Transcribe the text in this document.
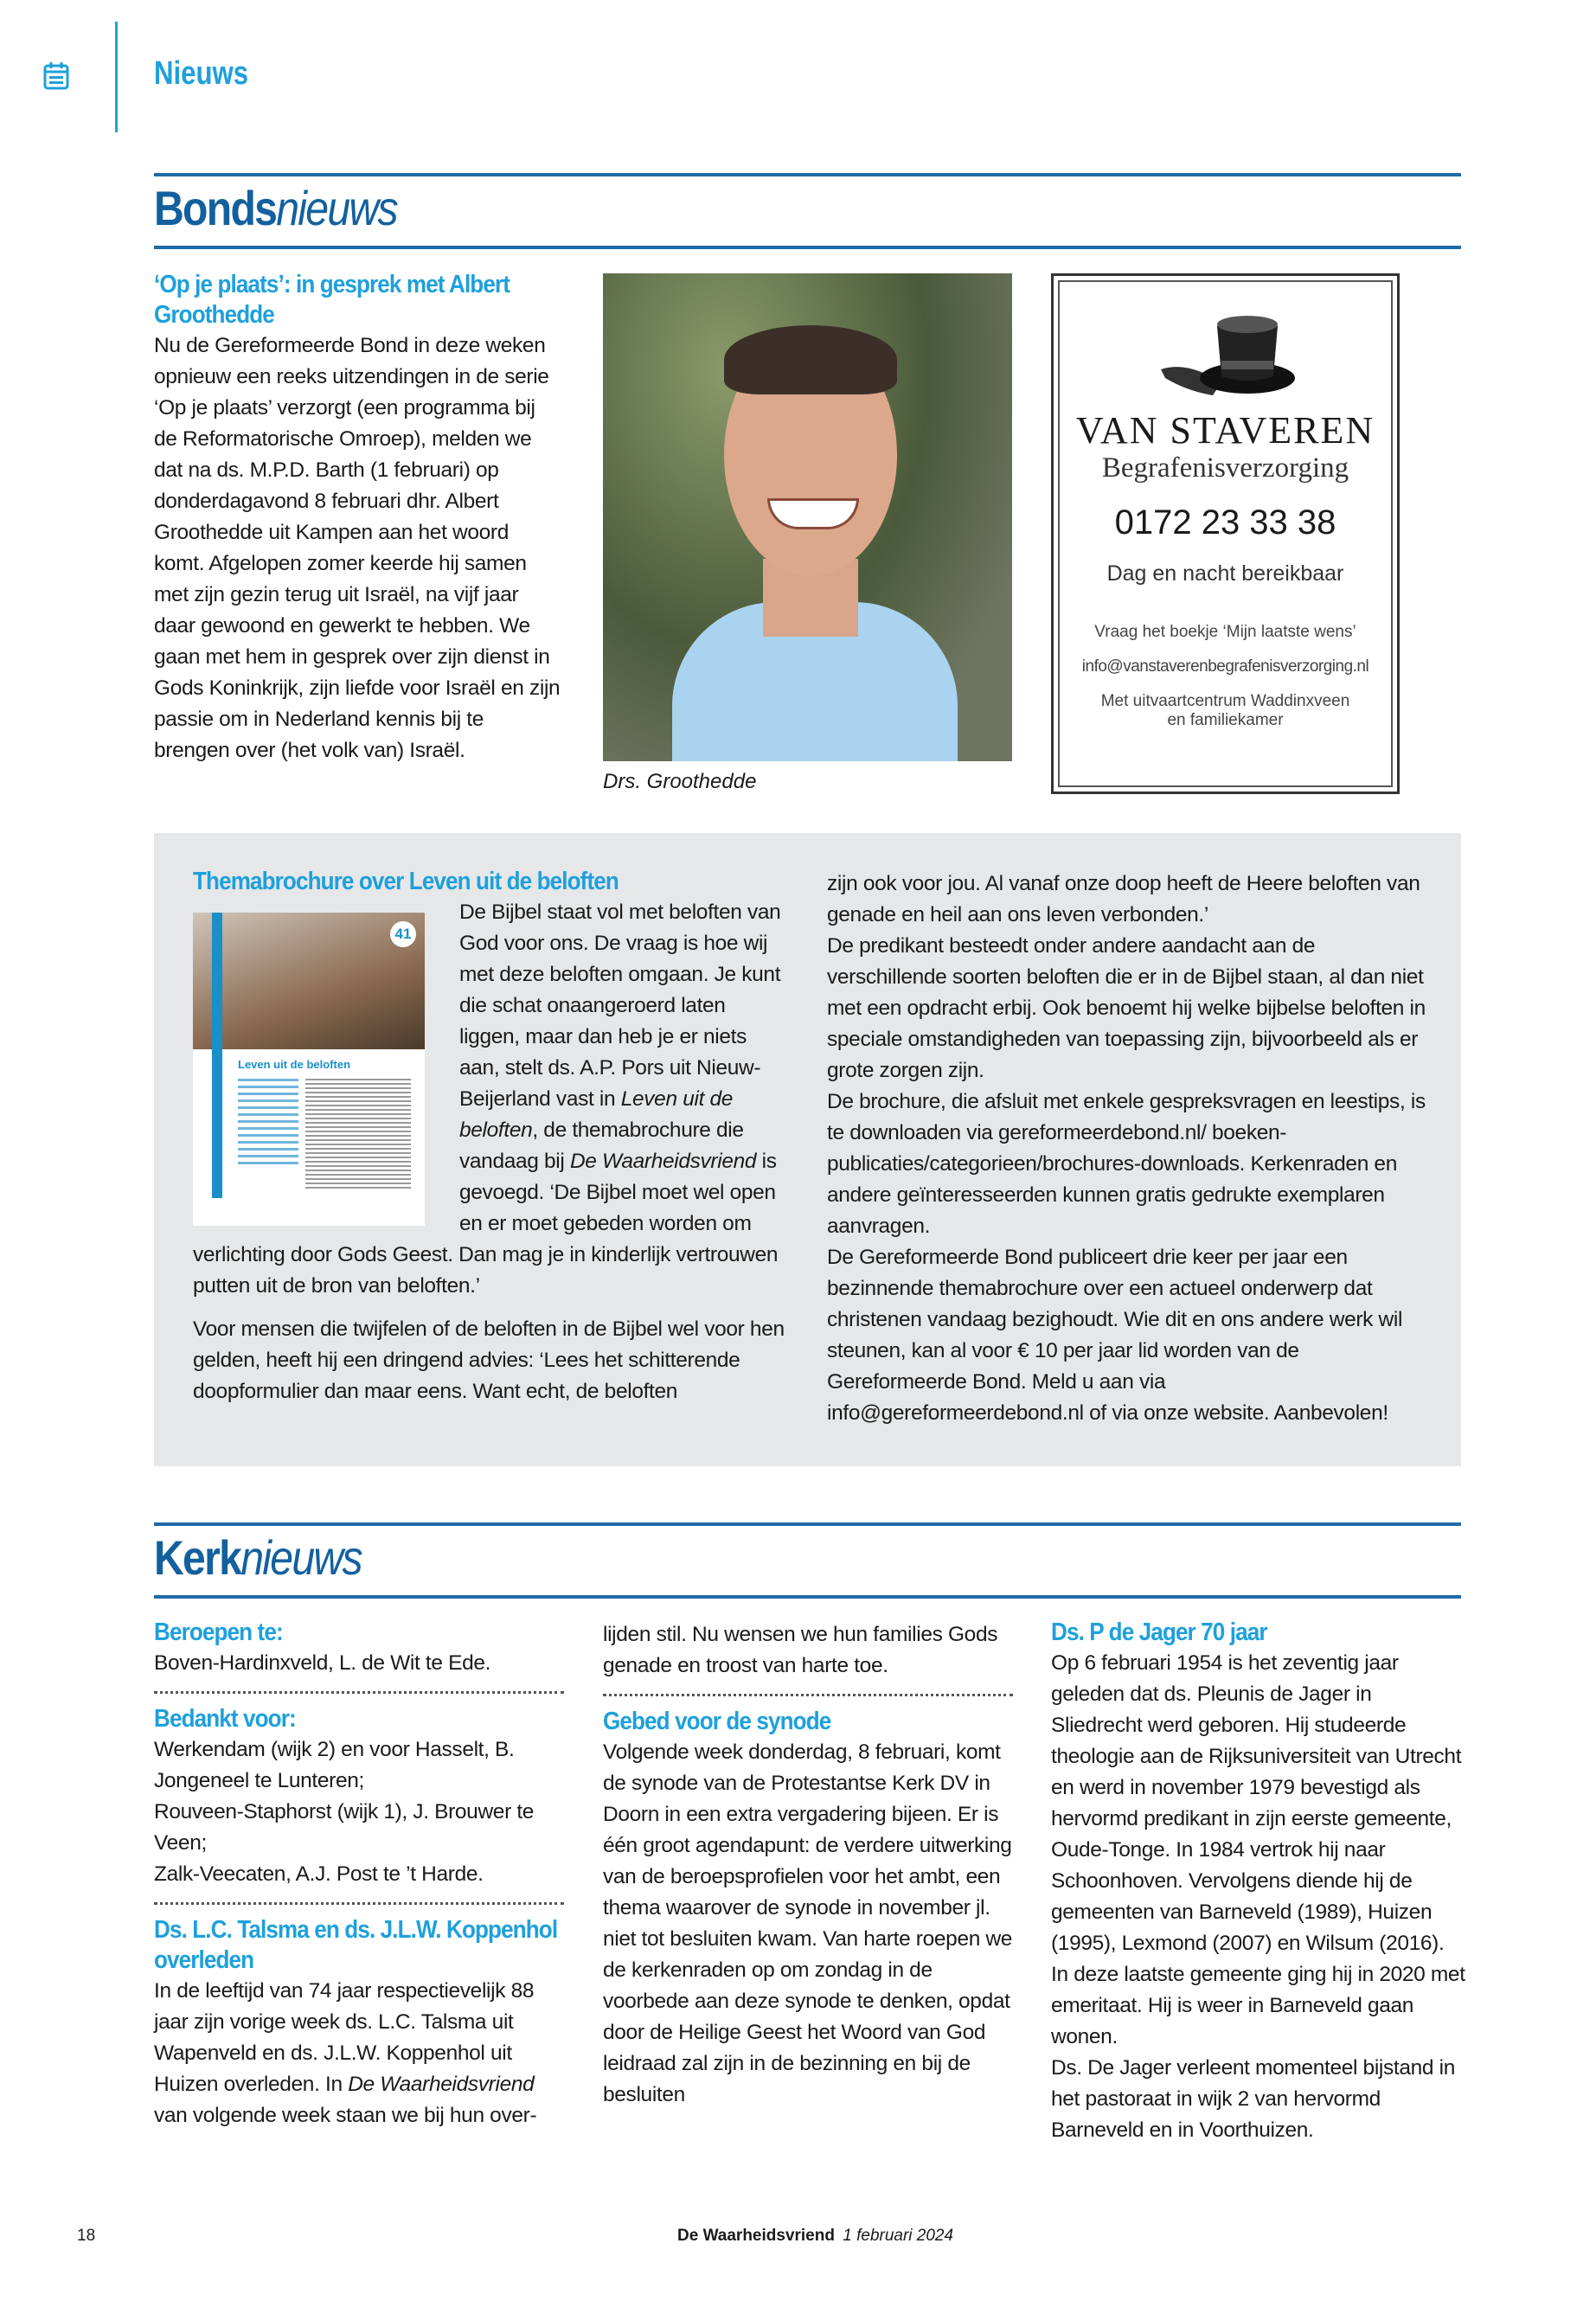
Nieuws
Bondsnieuws
‘Op je plaats’: in gesprek met Albert Groothedde

Nu de Gereformeerde Bond in deze weken opnieuw een reeks uitzendingen in de serie ‘Op je plaats’ verzorgt (een programma bij de Reformatorische Omroep), melden we dat na ds. M.P.D. Barth (1 februari) op donderdagavond 8 februari dhr. Albert Groothedde uit Kampen aan het woord komt. Afgelopen zomer keerde hij samen met zijn gezin terug uit Israël, na vijf jaar daar gewoond en gewerkt te hebben. We gaan met hem in gesprek over zijn dienst in Gods Koninkrijk, zijn liefde voor Israël en zijn passie om in Nederland kennis bij te brengen over (het volk van) Israël.

Drs. Groothedde
VAN STAVEREN
Begrafenisverzorging
0172 23 33 38
Dag en nacht bereikbaar
Vraag het boekje ‘Mijn laatste wens’
info@vanstaverenbegrafenisverzorging.nl
Met uitvaartcentrum Waddinxveen
en familiekamer
Themabrochure over Leven uit de beloften
41
Leven uit de beloften

De Bijbel staat vol met beloften van God voor ons. De vraag is hoe wij met deze beloften omgaan. Je kunt die schat onaangeroerd laten liggen, maar dan heb je er niets aan, stelt ds. A.P. Pors uit Nieuw-Beijerland vast in Leven uit de beloften, de themabrochure die vandaag bij De Waarheidsvriend is gevoegd. ‘De Bijbel moet wel open en er moet gebeden worden om verlichting door Gods Geest. Dan mag je in kinderlijk vertrouwen putten uit de bron van beloften.’

Voor mensen die twijfelen of de beloften in de Bijbel wel voor hen gelden, heeft hij een dringend advies: ‘Lees het schitterende doopformulier dan maar eens. Want echt, de beloften

zijn ook voor jou. Al vanaf onze doop heeft de Heere beloften van genade en heil aan ons leven verbonden.’

De predikant besteedt onder andere aandacht aan de verschillende soorten beloften die er in de Bijbel staan, al dan niet met een opdracht erbij. Ook benoemt hij welke bijbelse beloften in speciale omstandigheden van toepassing zijn, bijvoorbeeld als er grote zorgen zijn.

De brochure, die afsluit met enkele gespreksvragen en leestips, is te downloaden via gereformeerdebond.nl/ boeken-publicaties/categorieen/brochures-downloads. Kerkenraden en andere geïnteresseerden kunnen gratis gedrukte exemplaren aanvragen.

De Gereformeerde Bond publiceert drie keer per jaar een bezinnende themabrochure over een actueel onderwerp dat christenen vandaag bezighoudt. Wie dit en ons andere werk wil steunen, kan al voor € 10 per jaar lid worden van de Gereformeerde Bond. Meld u aan via info@gereformeerdebond.nl of via onze website. Aanbevolen!

Kerknieuws
Beroepen te:

Boven-Hardinxveld, L. de Wit te Ede.

Bedankt voor:

Werkendam (wijk 2) en voor Hasselt, B. Jongeneel te Lunteren;

Rouveen-Staphorst (wijk 1), J. Brouwer te Veen;

Zalk-Veecaten, A.J. Post te ’t Harde.

Ds. L.C. Talsma en ds. J.L.W. Koppenhol overleden

In de leeftijd van 74 jaar respectievelijk 88 jaar zijn vorige week ds. L.C. Talsma uit Wapenveld en ds. J.L.W. Koppenhol uit Huizen overleden. In De Waarheidsvriend van volgende week staan we bij hun over-

lijden stil. Nu wensen we hun families Gods genade en troost van harte toe.

Gebed voor de synode

Volgende week donderdag, 8 februari, komt de synode van de Protestantse Kerk DV in Doorn in een extra vergadering bijeen. Er is één groot agendapunt: de verdere uitwerking van de beroepsprofielen voor het ambt, een thema waarover de synode in november jl. niet tot besluiten kwam. Van harte roepen we de kerkenraden op om zondag in de voorbede aan deze synode te denken, opdat door de Heilige Geest het Woord van God leidraad zal zijn in de bezinning en bij de besluiten

Ds. P de Jager 70 jaar

Op 6 februari 1954 is het zeventig jaar geleden dat ds. Pleunis de Jager in Sliedrecht werd geboren. Hij studeerde theologie aan de Rijksuniversiteit van Utrecht en werd in november 1979 bevestigd als hervormd predikant in zijn eerste gemeente, Oude-Tonge. In 1984 vertrok hij naar Schoonhoven. Vervolgens diende hij de gemeenten van Barneveld (1989), Huizen (1995), Lexmond (2007) en Wilsum (2016). In deze laatste gemeente ging hij in 2020 met emeritaat. Hij is weer in Barneveld gaan wonen.

Ds. De Jager verleent momenteel bijstand in het pastoraat in wijk 2 van hervormd Barneveld en in Voorthuizen.

18	De Waarheidsvriend 1 februari 2024
